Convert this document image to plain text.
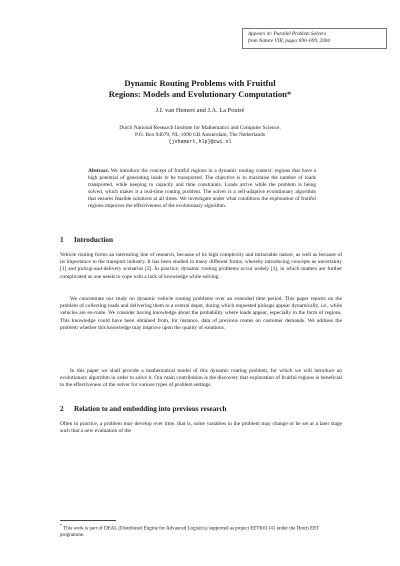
Appears in: Parallel Problem Solvers
from Nature VIII, pages 690–699, 2004
Dynamic Routing Problems with Fruitful
Regions: Models and Evolutionary Computation*
J.I. van Hemert and J.A. La Poutré
Dutch National Research Institute for Mathematics and Computer Science,
P.O. Box 94079, NL-1090 GB Amsterdam, The Netherlands
{jvhemert,hlp}@cwi.nl
Abstract. We introduce the concept of fruitful regions in a dynamic routing context: regions that have a high potential of generating loads to be transported. The objective is to maximise the number of loads transported, while keeping to capacity and time constraints. Loads arrive while the problem is being solved, which makes it a real-time routing problem. The solver is a self-adaptive evolutionary algorithm that ensures feasible solutions at all times. We investigate under what conditions the exploration of fruitful regions improves the effectiveness of the evolutionary algorithm.
1 Introduction
Vehicle routing forms an interesting line of research, because of its high complexity and intractable nature, as well as because of its importance to the transport industry. It has been studied in many different forms, whereby introducing concepts as uncertainty [1] and pickup-and-delivery scenarios [2]. In practice, dynamic routing problems occur widely [3], in which matters are further complicated as one needs to cope with a lack of knowledge while solving.
We concentrate our study on dynamic vehicle routing problems over an extended time period. This paper reports on the problem of collecting loads and delivering them to a central depot, during which requested pickups appear dynamically, i.e., while vehicles are en-route. We consider having knowledge about the probability where loads appear, especially in the form of regions. This knowledge could have been obtained from, for instance, data of previous routes on customer demands. We address the problem whether this knowledge may improve upon the quality of solutions.
In this paper we shall provide a mathematical model of this dynamic routing problem, for which we will introduce an evolutionary algorithm in order to solve it. Our main contribution is the discovery that exploration of fruitful regions is beneficial to the effectiveness of the solver for various types of problem settings.
2 Relation to and embedding into previous research
Often in practice, a problem may develop over time, that is, some variables in the problem may change or be set at a later stage such that a new evaluation of the
* This work is part of DEAL (Distributed Engine for Advanced Logistics) supported as project EETK01141 under the Dutch EET programme.
